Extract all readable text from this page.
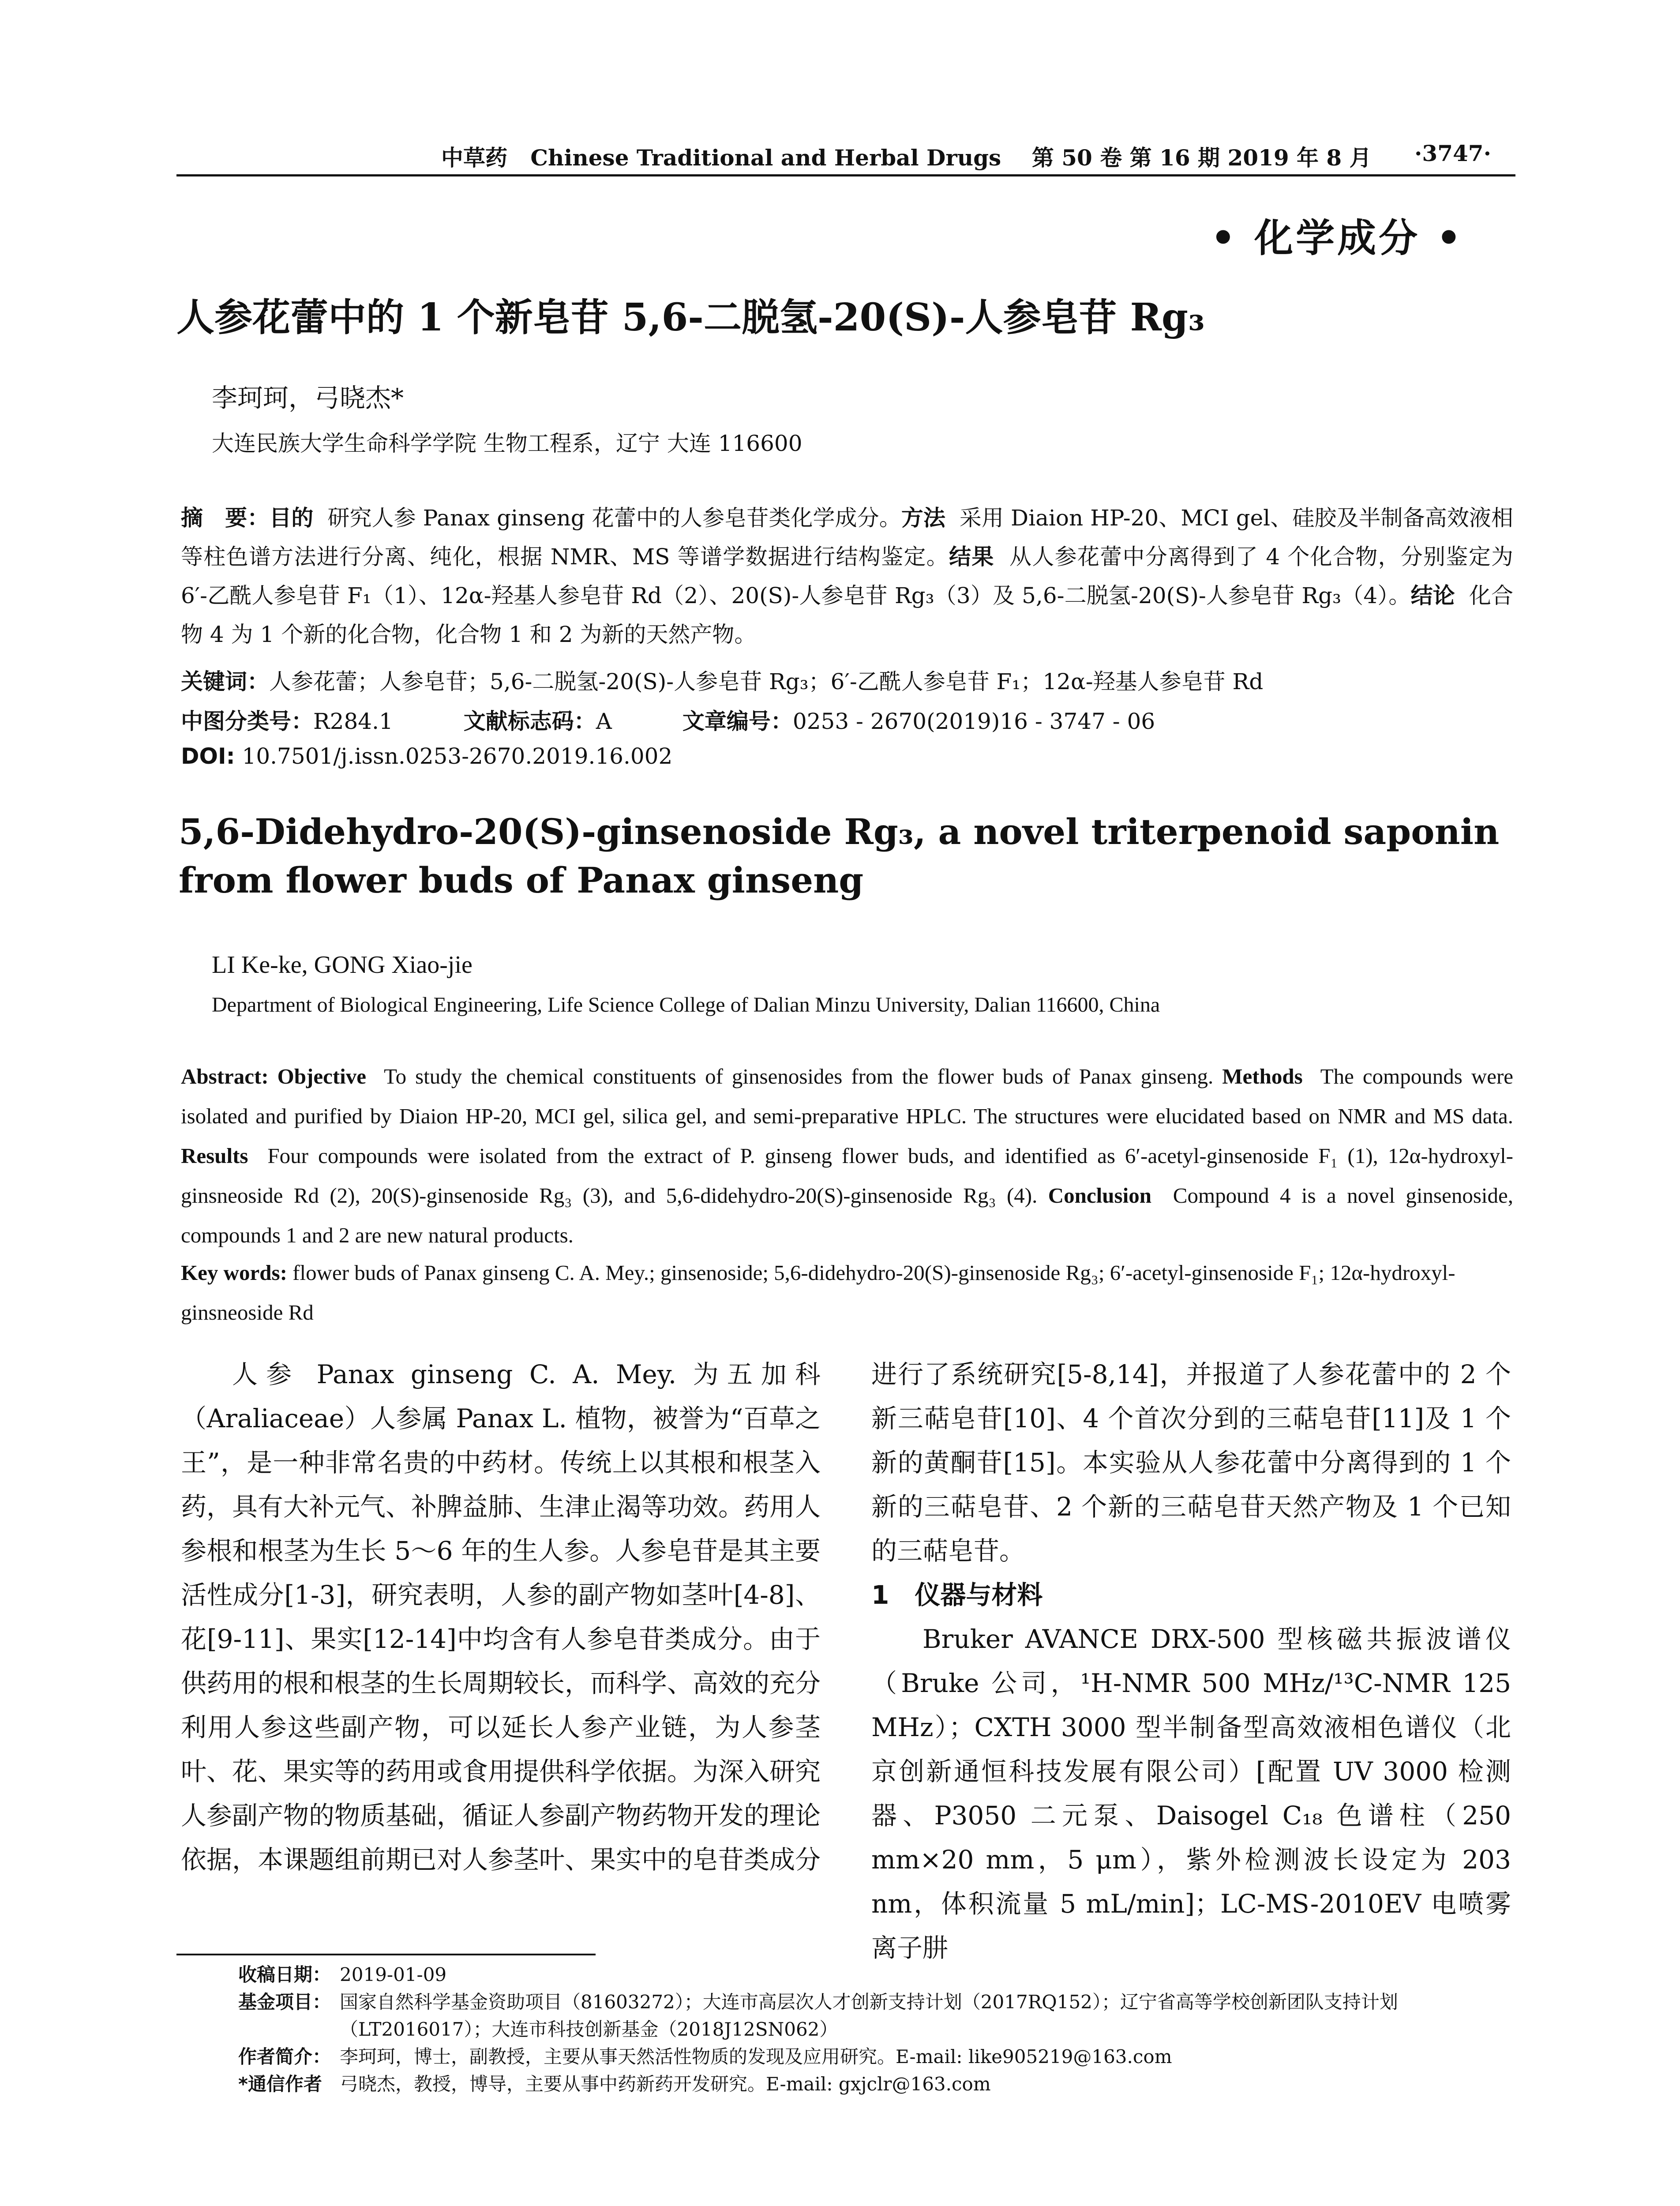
中草药 Chinese Traditional and Herbal Drugs 第 50 卷 第 16 期 2019 年 8 月 ·3747·
• 化学成分 •
人参花蕾中的 1 个新皂苷 5,6-二脱氢-20(S)-人参皂苷 Rg₃
李珂珂，弓晓杰*
大连民族大学生命科学学院 生物工程系，辽宁 大连 116600
摘　要：目的 研究人参 Panax ginseng 花蕾中的人参皂苷类化学成分。方法 采用 Diaion HP-20、MCI gel、硅胶及半制备高效液相等柱色谱方法进行分离、纯化，根据 NMR、MS 等谱学数据进行结构鉴定。结果 从人参花蕾中分离得到了 4 个化合物，分别鉴定为 6′-乙酰人参皂苷 F₁（1）、12α-羟基人参皂苷 Rd（2）、20(S)-人参皂苷 Rg₃（3）及 5,6-二脱氢-20(S)-人参皂苷 Rg₃（4）。结论 化合物 4 为 1 个新的化合物，化合物 1 和 2 为新的天然产物。
关键词：人参花蕾；人参皂苷；5,6-二脱氢-20(S)-人参皂苷 Rg₃；6′-乙酰人参皂苷 F₁；12α-羟基人参皂苷 Rd
中图分类号：R284.1	文献标志码：A	文章编号：0253 - 2670(2019)16 - 3747 - 06
DOI: 10.7501/j.issn.0253-2670.2019.16.002
5,6-Didehydro-20(S)-ginsenoside Rg₃, a novel triterpenoid saponin from flower buds of Panax ginseng
LI Ke-ke, GONG Xiao-jie
Department of Biological Engineering, Life Science College of Dalian Minzu University, Dalian 116600, China
Abstract: Objective To study the chemical constituents of ginsenosides from the flower buds of Panax ginseng. Methods The compounds were isolated and purified by Diaion HP-20, MCI gel, silica gel, and semi-preparative HPLC. The structures were elucidated based on NMR and MS data. Results Four compounds were isolated from the extract of P. ginseng flower buds, and identified as 6′-acetyl-ginsenoside F₁ (1), 12α-hydroxyl-ginsneoside Rd (2), 20(S)-ginsenoside Rg₃ (3), and 5,6-didehydro-20(S)-ginsenoside Rg₃ (4). Conclusion Compound 4 is a novel ginsenoside, compounds 1 and 2 are new natural products.
Key words: flower buds of Panax ginseng C. A. Mey.; ginsenoside; 5,6-didehydro-20(S)-ginsenoside Rg₃; 6′-acetyl-ginsenoside F₁; 12α-hydroxyl-ginsneoside Rd

人参 Panax ginseng C. A. Mey. 为五加科（Araliaceae）人参属 Panax L. 植物，被誉为“百草之王”，是一种非常名贵的中药材。传统上以其根和根茎入药，具有大补元气、补脾益肺、生津止渴等功效。药用人参根和根茎为生长 5～6 年的生人参。人参皂苷是其主要活性成分[1-3]，研究表明，人参的副产物如茎叶[4-8]、花[9-11]、果实[12-14]中均含有人参皂苷类成分。由于供药用的根和根茎的生长周期较长，而科学、高效的充分利用人参这些副产物，可以延长人参产业链，为人参茎叶、花、果实等的药用或食用提供科学依据。为深入研究人参副产物的物质基础，循证人参副产物药物开发的理论依据，本课题组前期已对人参茎叶、果实中的皂苷类成分

进行了系统研究[5-8,14]，并报道了人参花蕾中的 2 个新三萜皂苷[10]、4 个首次分到的三萜皂苷[11]及 1 个新的黄酮苷[15]。本实验从人参花蕾中分离得到的 1 个新的三萜皂苷、2 个新的三萜皂苷天然产物及 1 个已知的三萜皂苷。

1　仪器与材料

Bruker AVANCE DRX-500 型核磁共振波谱仪（Bruke 公司，¹H-NMR 500 MHz/¹³C-NMR 125 MHz）；CXTH 3000 型半制备型高效液相色谱仪（北京创新通恒科技发展有限公司）[配置 UV 3000 检测器、P3050 二元泵、Daisogel C₁₈ 色谱柱（250 mm×20 mm，5 μm），紫外检测波长设定为 203 nm，体积流量 5 mL/min]；LC-MS-2010EV 电喷雾离子肼

收稿日期： 2019-01-09
基金项目： 国家自然科学基金资助项目（81603272）；大连市高层次人才创新支持计划（2017RQ152）；辽宁省高等学校创新团队支持计划（LT2016017）；大连市科技创新基金（2018J12SN062）
作者简介： 李珂珂，博士，副教授，主要从事天然活性物质的发现及应用研究。E-mail: like905219@163.com
*通信作者 弓晓杰，教授，博导，主要从事中药新药开发研究。E-mail: gxjclr@163.com
